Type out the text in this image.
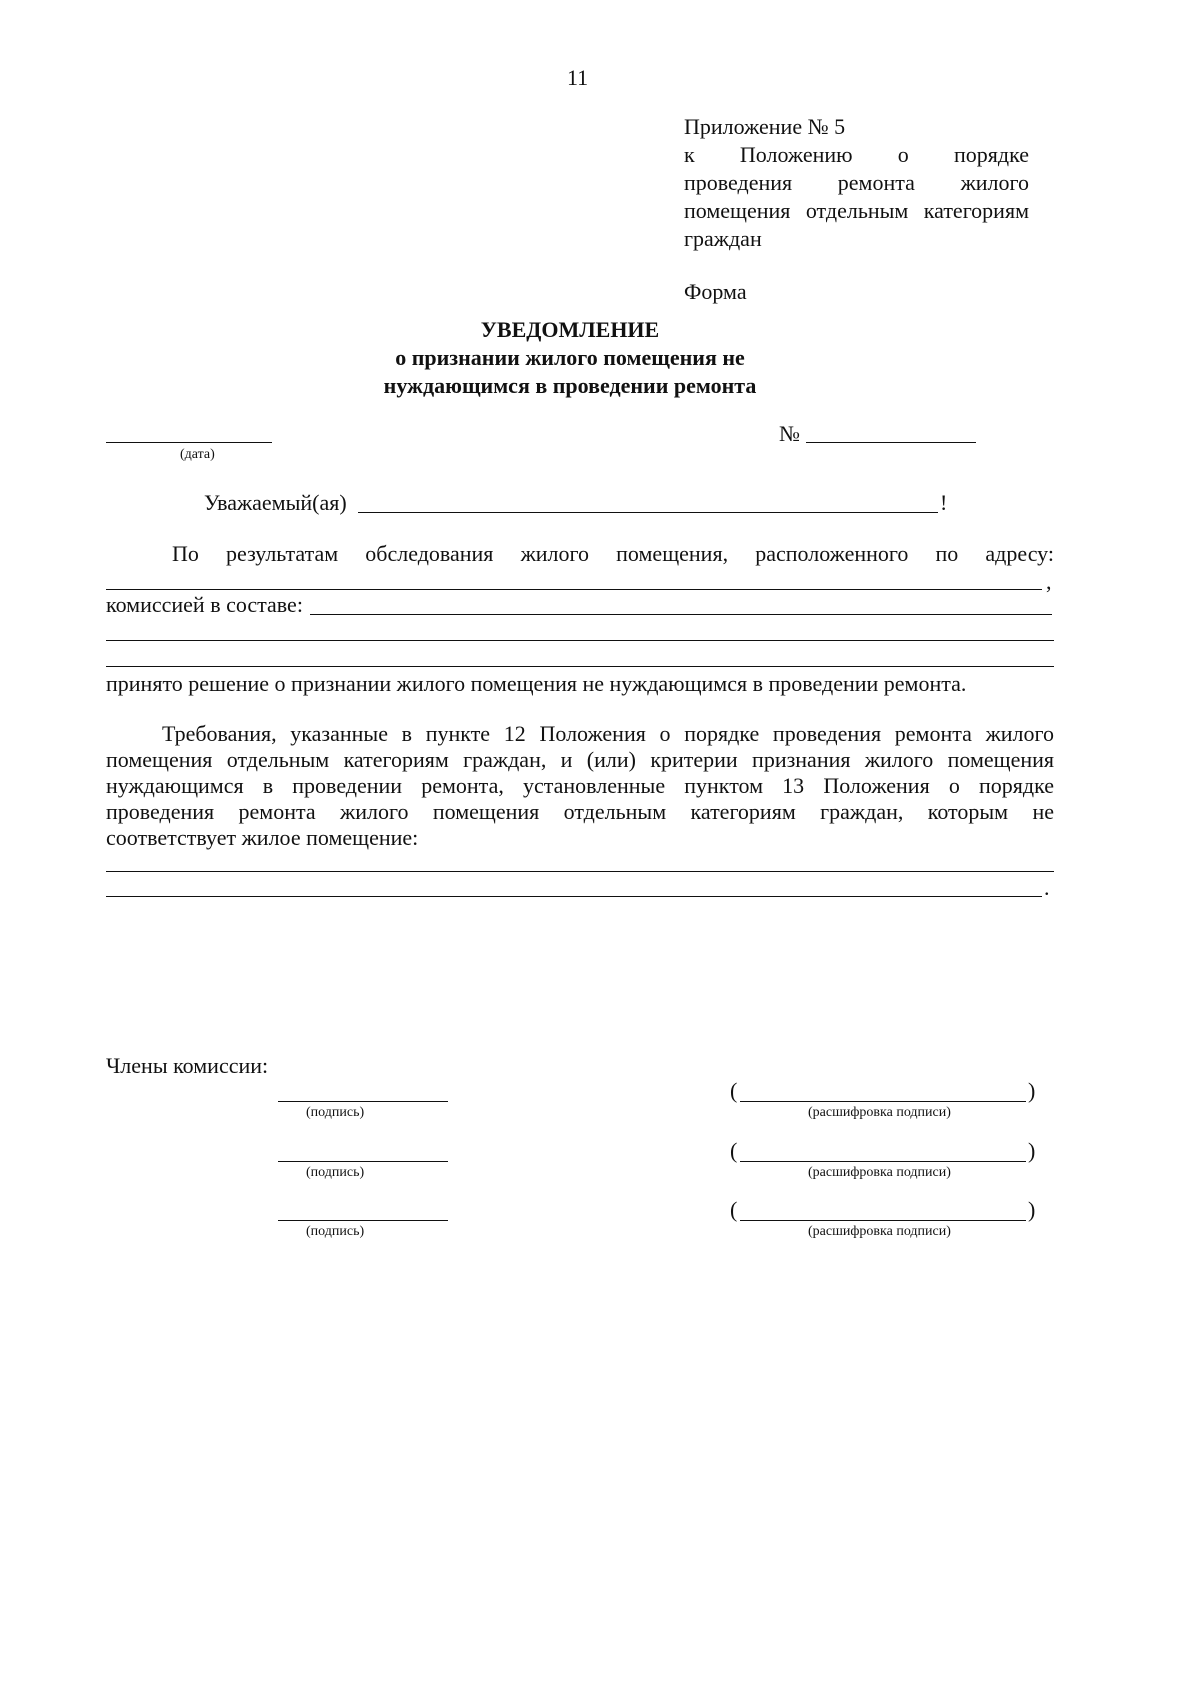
11
Приложение № 5
к Положению о порядке
проведения ремонта жилого
помещения отдельным категориям
граждан
Форма
УВЕДОМЛЕНИЕ
о признании жилого помещения не
нуждающимся в проведении ремонта
(дата)
№
Уважаемый(ая)	!
По результатам обследования жилого помещения, расположенного по адресу:
,
комиссией в составе:
принято решение о признании жилого помещения не нуждающимся в проведении ремонта.
Требования, указанные в пункте 12 Положения о порядке проведения ремонта жилого
помещения отдельным категориям граждан, и (или) критерии признания жилого помещения
нуждающимся в проведении ремонта, установленные пунктом 13 Положения о порядке
проведения ремонта жилого помещения отдельным категориям граждан, которым не
соответствует жилое помещение:
.
Члены комиссии:
(подпись)
(	)
(расшифровка подписи)
(подпись)
(	)
(расшифровка подписи)
(подпись)
(	)
(расшифровка подписи)
